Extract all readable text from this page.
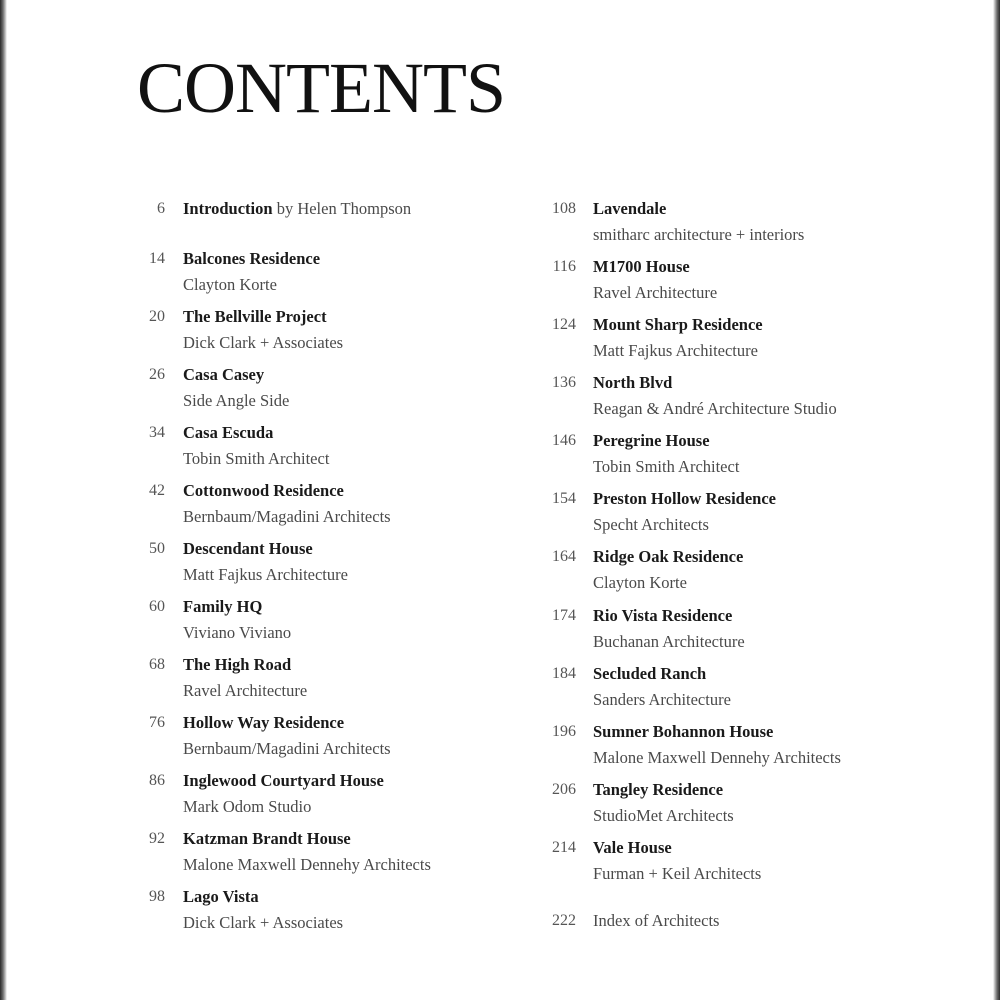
CONTENTS
6 Introduction by Helen Thompson
14 Balcones Residence
Clayton Korte
20 The Bellville Project
Dick Clark + Associates
26 Casa Casey
Side Angle Side
34 Casa Escuda
Tobin Smith Architect
42 Cottonwood Residence
Bernbaum/Magadini Architects
50 Descendant House
Matt Fajkus Architecture
60 Family HQ
Viviano Viviano
68 The High Road
Ravel Architecture
76 Hollow Way Residence
Bernbaum/Magadini Architects
86 Inglewood Courtyard House
Mark Odom Studio
92 Katzman Brandt House
Malone Maxwell Dennehy Architects
98 Lago Vista
Dick Clark + Associates
108 Lavendale
smitharc architecture + interiors
116 M1700 House
Ravel Architecture
124 Mount Sharp Residence
Matt Fajkus Architecture
136 North Blvd
Reagan & André Architecture Studio
146 Peregrine House
Tobin Smith Architect
154 Preston Hollow Residence
Specht Architects
164 Ridge Oak Residence
Clayton Korte
174 Rio Vista Residence
Buchanan Architecture
184 Secluded Ranch
Sanders Architecture
196 Sumner Bohannon House
Malone Maxwell Dennehy Architects
206 Tangley Residence
StudioMet Architects
214 Vale House
Furman + Keil Architects
222 Index of Architects
